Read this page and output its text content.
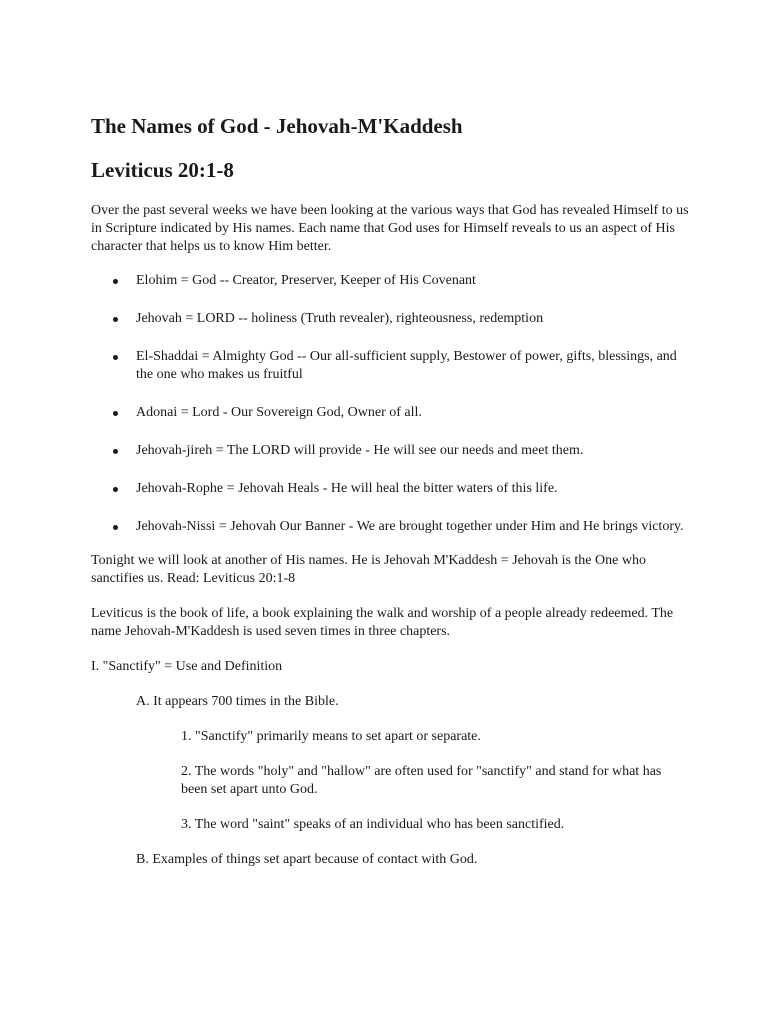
The Names of God - Jehovah-M'Kaddesh
Leviticus 20:1-8

Over the past several weeks we have been looking at the various ways that God has revealed Himself to us in Scripture indicated by His names. Each name that God uses for Himself reveals to us an aspect of His character that helps us to know Him better.

Elohim = God -- Creator, Preserver, Keeper of His Covenant
Jehovah = LORD -- holiness (Truth revealer), righteousness, redemption
El-Shaddai = Almighty God -- Our all-sufficient supply, Bestower of power, gifts, blessings, and the one who makes us fruitful
Adonai = Lord - Our Sovereign God, Owner of all.
Jehovah-jireh = The LORD will provide - He will see our needs and meet them.
Jehovah-Rophe = Jehovah Heals - He will heal the bitter waters of this life.
Jehovah-Nissi = Jehovah Our Banner - We are brought together under Him and He brings victory.

Tonight we will look at another of His names. He is Jehovah M'Kaddesh = Jehovah is the One who sanctifies us. Read: Leviticus 20:1-8

Leviticus is the book of life, a book explaining the walk and worship of a people already redeemed. The name Jehovah-M'Kaddesh is used seven times in three chapters.

I. "Sanctify" = Use and Definition

A. It appears 700 times in the Bible.

1. "Sanctify" primarily means to set apart or separate.

2. The words "holy" and "hallow" are often used for "sanctify" and stand for what has been set apart unto God.

3. The word "saint" speaks of an individual who has been sanctified.

B. Examples of things set apart because of contact with God.
